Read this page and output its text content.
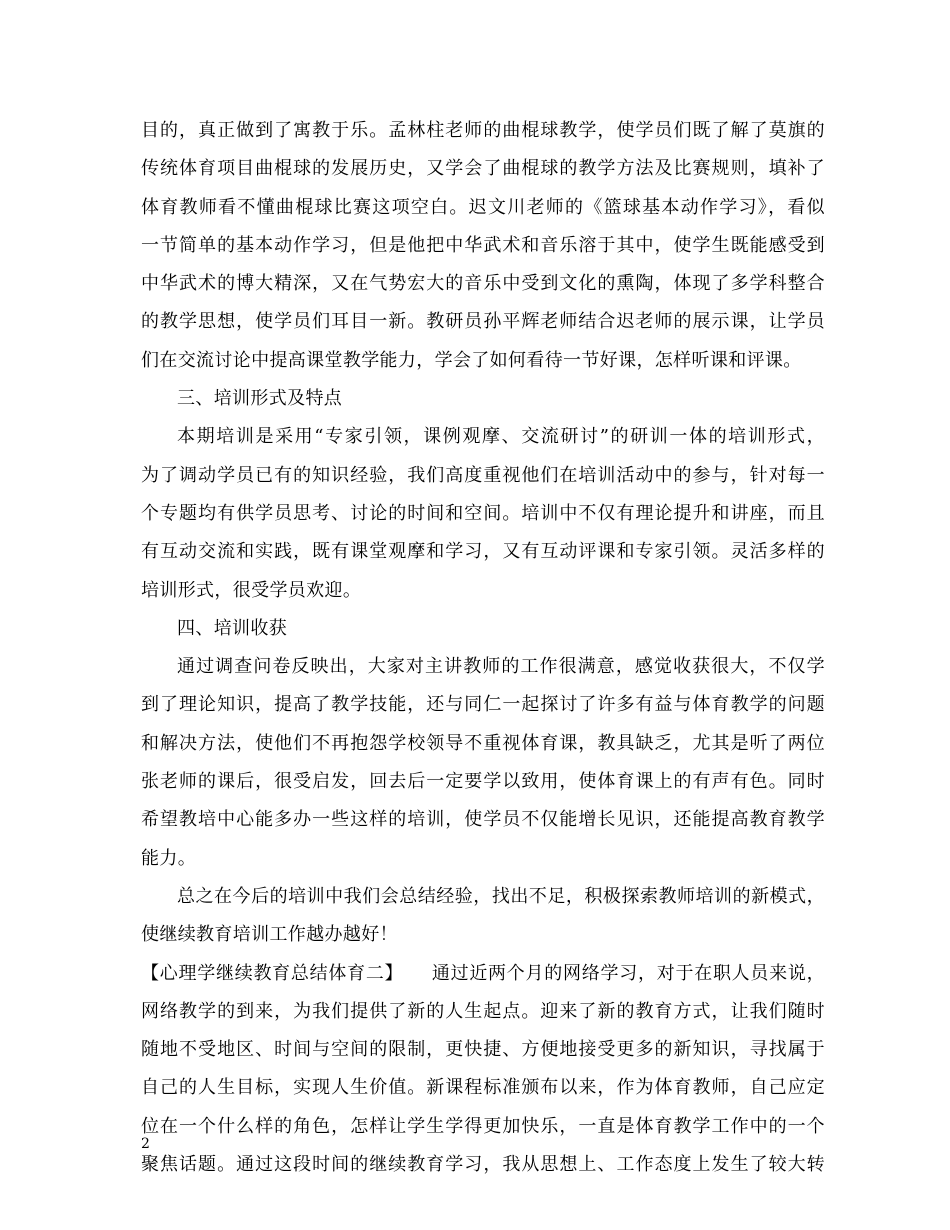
目的，真正做到了寓教于乐。孟林柱老师的曲棍球教学，使学员们既了解了莫旗的
传统体育项目曲棍球的发展历史，又学会了曲棍球的教学方法及比赛规则，填补了
体育教师看不懂曲棍球比赛这项空白。迟文川老师的《篮球基本动作学习》，看似
一节简单的基本动作学习，但是他把中华武术和音乐溶于其中，使学生既能感受到
中华武术的博大精深，又在气势宏大的音乐中受到文化的熏陶，体现了多学科整合
的教学思想，使学员们耳目一新。教研员孙平辉老师结合迟老师的展示课，让学员
们在交流讨论中提高课堂教学能力，学会了如何看待一节好课，怎样听课和评课。
三、培训形式及特点
本期培训是采用“专家引领，课例观摩、交流研讨”的研训一体的培训形式，
为了调动学员已有的知识经验，我们高度重视他们在培训活动中的参与，针对每一
个专题均有供学员思考、讨论的时间和空间。培训中不仅有理论提升和讲座，而且
有互动交流和实践，既有课堂观摩和学习，又有互动评课和专家引领。灵活多样的
培训形式，很受学员欢迎。
四、培训收获
通过调查问卷反映出，大家对主讲教师的工作很满意，感觉收获很大，不仅学
到了理论知识，提高了教学技能，还与同仁一起探讨了许多有益与体育教学的问题
和解决方法，使他们不再抱怨学校领导不重视体育课，教具缺乏，尤其是听了两位
张老师的课后，很受启发，回去后一定要学以致用，使体育课上的有声有色。同时
希望教培中心能多办一些这样的培训，使学员不仅能增长见识，还能提高教育教学
能力。
总之在今后的培训中我们会总结经验，找出不足，积极探索教师培训的新模式，
使继续教育培训工作越办越好！
【心理学继续教育总结体育二】　　通过近两个月的网络学习，对于在职人员来说，
网络教学的到来，为我们提供了新的人生起点。迎来了新的教育方式，让我们随时
随地不受地区、时间与空间的限制，更快捷、方便地接受更多的新知识，寻找属于
自己的人生目标，实现人生价值。新课程标准颁布以来，作为体育教师，自己应定
位在一个什么样的角色，怎样让学生学得更加快乐，一直是体育教学工作中的一个
聚焦话题。通过这段时间的继续教育学习，我从思想上、工作态度上发生了较大转
2
